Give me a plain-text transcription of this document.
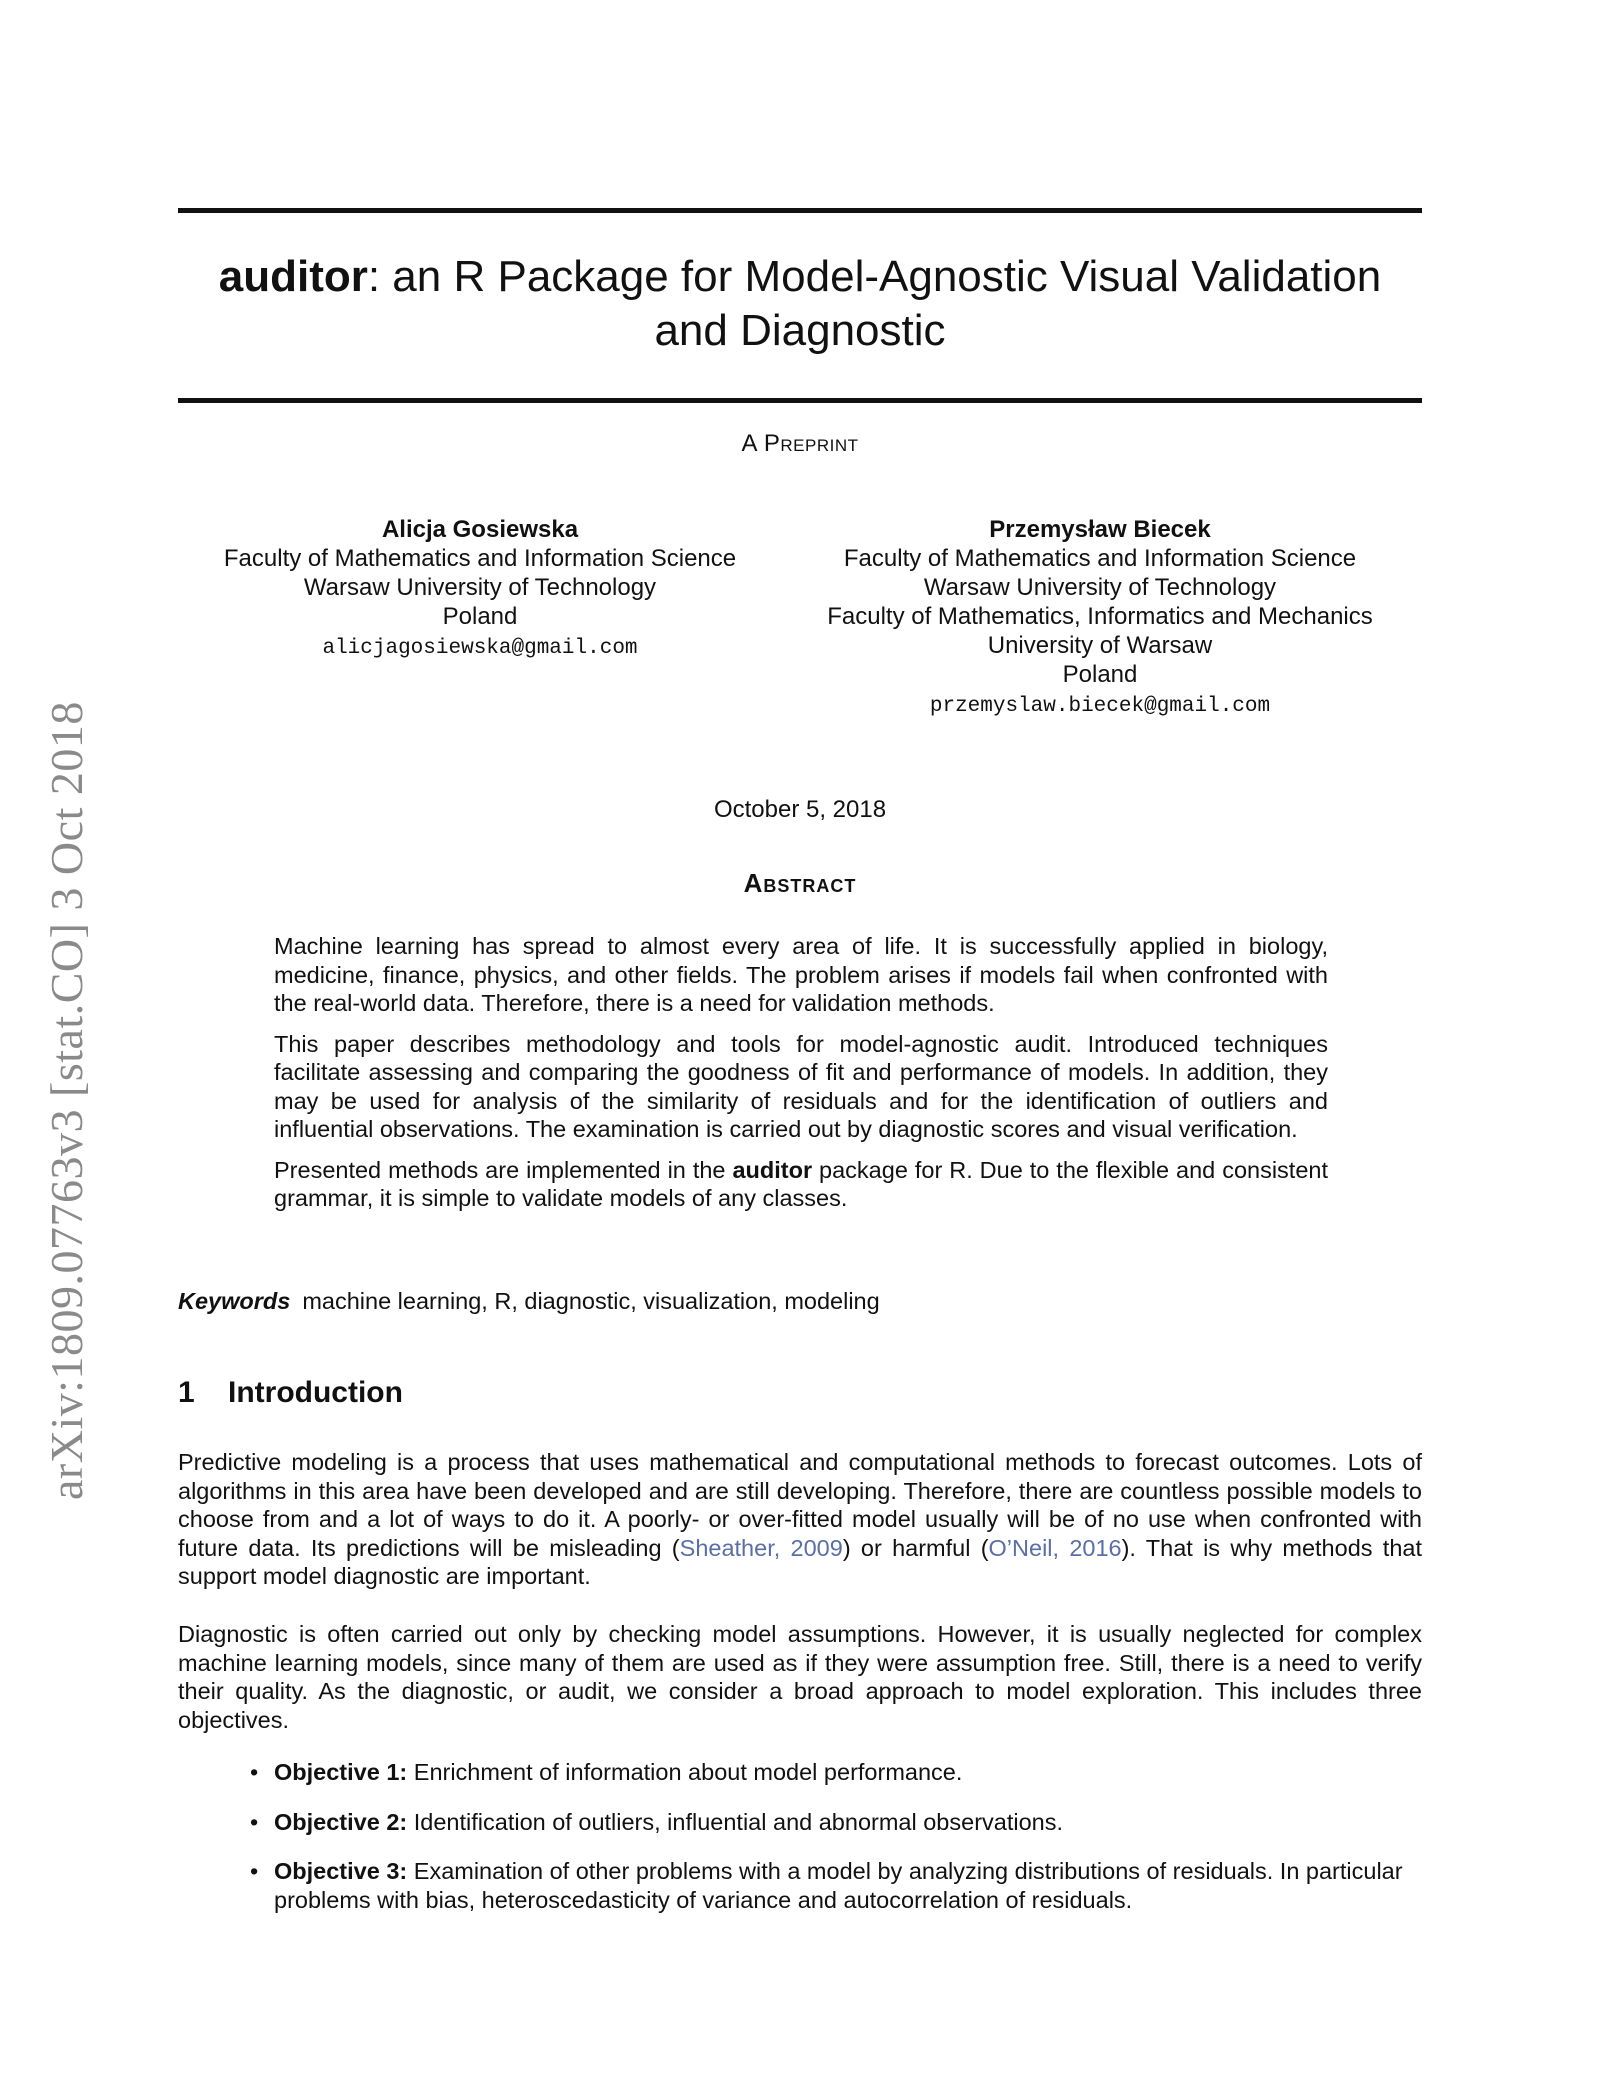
arXiv:1809.07763v3 [stat.CO] 3 Oct 2018
auditor: an R Package for Model-Agnostic Visual Validation
and Diagnostic
A Preprint
Alicja Gosiewska
Faculty of Mathematics and Information Science
Warsaw University of Technology
Poland
alicjagosiewska@gmail.com
Przemysław Biecek
Faculty of Mathematics and Information Science
Warsaw University of Technology
Faculty of Mathematics, Informatics and Mechanics
University of Warsaw
Poland
przemyslaw.biecek@gmail.com
October 5, 2018
Abstract

Machine learning has spread to almost every area of life. It is successfully applied in biology, medicine, finance, physics, and other fields. The problem arises if models fail when confronted with the real-world data. Therefore, there is a need for validation methods.

This paper describes methodology and tools for model-agnostic audit. Introduced techniques facilitate assessing and comparing the goodness of fit and performance of models. In addition, they may be used for analysis of the similarity of residuals and for the identification of outliers and influential observations. The examination is carried out by diagnostic scores and visual verification.

Presented methods are implemented in the auditor package for R. Due to the flexible and consistent grammar, it is simple to validate models of any classes.

Keywords machine learning, R, diagnostic, visualization, modeling
1 Introduction

Predictive modeling is a process that uses mathematical and computational methods to forecast outcomes. Lots of algorithms in this area have been developed and are still developing. Therefore, there are countless possible models to choose from and a lot of ways to do it. A poorly- or over-fitted model usually will be of no use when confronted with future data. Its predictions will be misleading (Sheather, 2009) or harmful (O’Neil, 2016). That is why methods that support model diagnostic are important.

Diagnostic is often carried out only by checking model assumptions. However, it is usually neglected for complex machine learning models, since many of them are used as if they were assumption free. Still, there is a need to verify their quality. As the diagnostic, or audit, we consider a broad approach to model exploration. This includes three objectives.

• Objective 1: Enrichment of information about model performance.
• Objective 2: Identification of outliers, influential and abnormal observations.
• Objective 3: Examination of other problems with a model by analyzing distributions of residuals. In particular problems with bias, heteroscedasticity of variance and autocorrelation of residuals.
